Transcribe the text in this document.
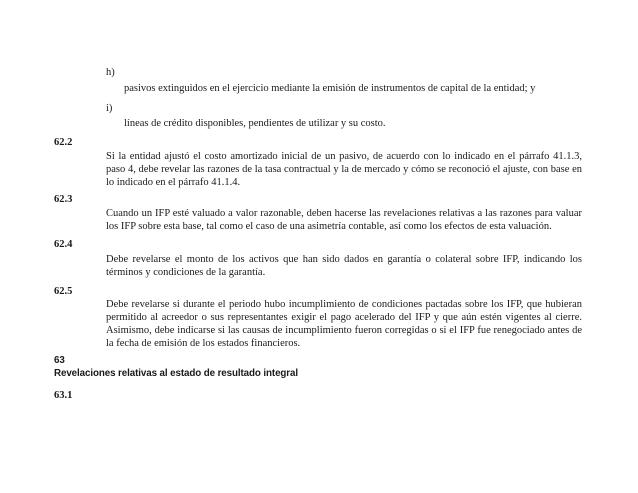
h)
pasivos extinguidos en el ejercicio mediante la emisión de instrumentos de capital de la entidad; y
i)
líneas de crédito disponibles, pendientes de utilizar y su costo.
62.2
Si la entidad ajustó el costo amortizado inicial de un pasivo, de acuerdo con lo indicado en el párrafo 41.1.3, paso 4, debe revelar las razones de la tasa contractual y la de mercado y cómo se reconoció el ajuste, con base en lo indicado en el párrafo 41.1.4.
62.3
Cuando un IFP esté valuado a valor razonable, deben hacerse las revelaciones relativas a las razones para valuar los IFP sobre esta base, tal como el caso de una asimetría contable, así como los efectos de esta valuación.
62.4
Debe revelarse el monto de los activos que han sido dados en garantía o colateral sobre IFP, indicando los términos y condiciones de la garantía.
62.5
Debe revelarse si durante el periodo hubo incumplimiento de condiciones pactadas sobre los IFP, que hubieran permitido al acreedor o sus representantes exigir el pago acelerado del IFP y que aún estén vigentes al cierre. Asimismo, debe indicarse si las causas de incumplimiento fueron corregidas o si el IFP fue renegociado antes de la fecha de emisión de los estados financieros.
63
Revelaciones relativas al estado de resultado integral
63.1
